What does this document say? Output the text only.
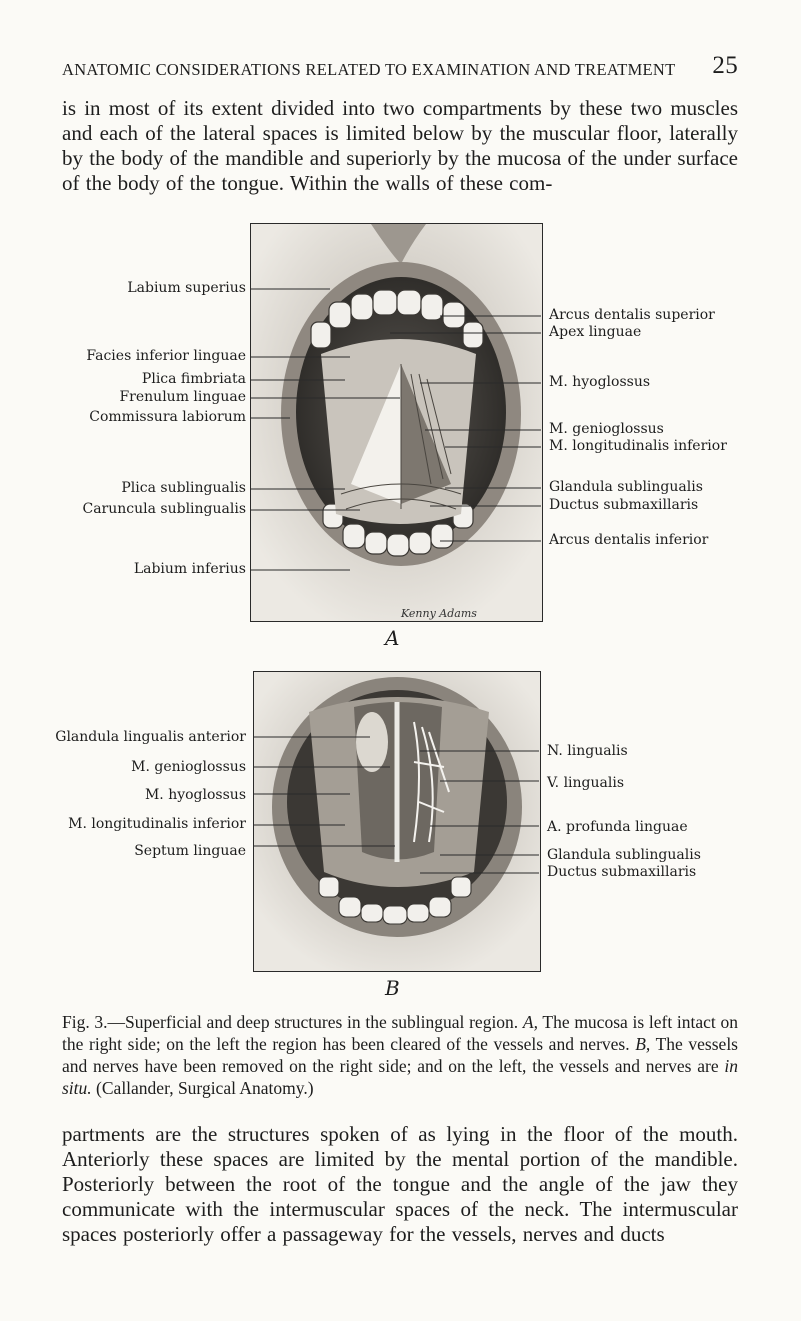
ANATOMIC CONSIDERATIONS RELATED TO EXAMINATION AND TREATMENT 25

is in most of its extent divided into two compartments by these two muscles and each of the lateral spaces is limited below by the muscular floor, laterally by the body of the mandible and superiorly by the mucosa of the under surface of the body of the tongue. Within the walls of these com-

Kenny Adams
Labium superius
Facies inferior linguae
Plica fimbriata
Frenulum linguae
Commissura labiorum
Plica sublingualis
Caruncula sublingualis
Labium inferius
Arcus dentalis superior
Apex linguae
M. hyoglossus
M. genioglossus
M. longitudinalis inferior
Glandula sublingualis
Ductus submaxillaris
Arcus dentalis inferior
A
Glandula lingualis anterior
M. genioglossus
M. hyoglossus
M. longitudinalis inferior
Septum linguae
N. lingualis
V. lingualis
A. profunda linguae
Glandula sublingualis
Ductus submaxillaris
B

Fig. 3.—Superficial and deep structures in the sublingual region. A, The mucosa is left intact on the right side; on the left the region has been cleared of the vessels and nerves. B, The vessels and nerves have been removed on the right side; and on the left, the vessels and nerves are in situ. (Callander, Surgical Anatomy.)

partments are the structures spoken of as lying in the floor of the mouth. Anteriorly these spaces are limited by the mental portion of the mandible. Posteriorly between the root of the tongue and the angle of the jaw they communicate with the intermuscular spaces of the neck. The intermuscular spaces posteriorly offer a passageway for the vessels, nerves and ducts
